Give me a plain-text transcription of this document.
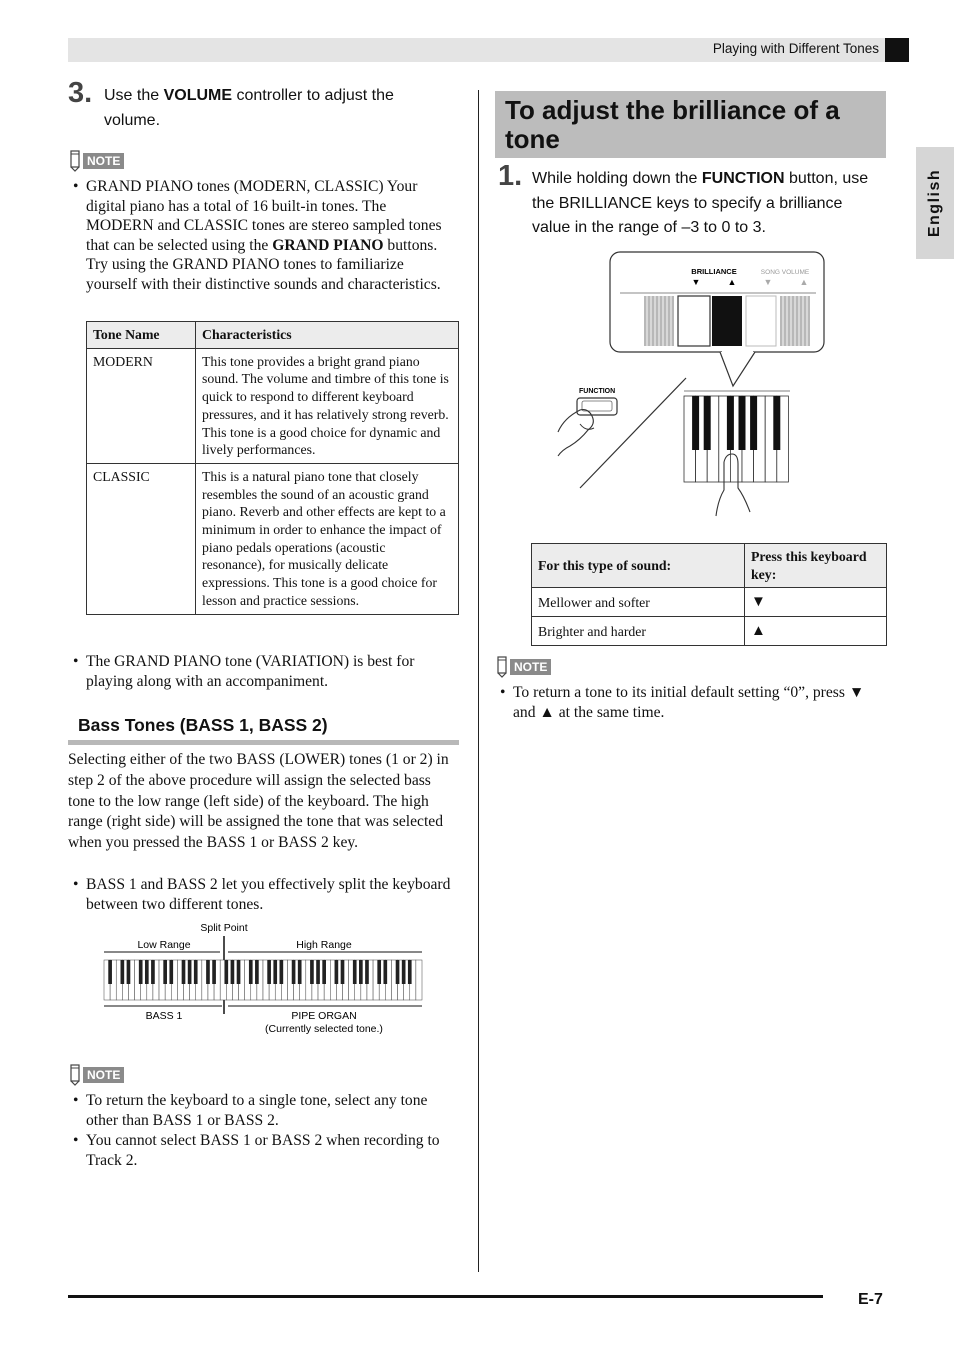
Playing with Different Tones
English
3. Use the VOLUME controller to adjust the volume.
NOTE
• GRAND PIANO tones (MODERN, CLASSIC) Your digital piano has a total of 16 built-in tones. The MODERN and CLASSIC tones are stereo sampled tones that can be selected using the GRAND PIANO buttons. Try using the GRAND PIANO tones to familiarize yourself with their distinctive sounds and characteristics.
Tone Name	Characteristics
MODERN	This tone provides a bright grand piano sound. The volume and timbre of this tone is quick to respond to different keyboard pressures, and it has relatively strong reverb. This tone is a good choice for dynamic and lively performances.
CLASSIC	This is a natural piano tone that closely resembles the sound of an acoustic grand piano. Reverb and other effects are kept to a minimum in order to enhance the impact of piano pedals operations (acoustic resonance), for musically delicate expressions. This tone is a good choice for lesson and practice sessions.
• The GRAND PIANO tone (VARIATION) is best for playing along with an accompaniment.
Bass Tones (BASS 1, BASS 2)
Selecting either of the two BASS (LOWER) tones (1 or 2) in step 2 of the above procedure will assign the selected bass tone to the low range (left side) of the keyboard. The high range (right side) will be assigned the tone that was selected when you pressed the BASS 1 or BASS 2 key.
• BASS 1 and BASS 2 let you effectively split the keyboard between two different tones.
Split Point
Low Range	High Range
BASS 1	PIPE ORGAN
(Currently selected tone.)
NOTE
• To return the keyboard to a single tone, select any tone other than BASS 1 or BASS 2.
• You cannot select BASS 1 or BASS 2 when recording to Track 2.
To adjust the brilliance of a tone
1. While holding down the FUNCTION button, use the BRILLIANCE keys to specify a brilliance value in the range of –3 to 0 to 3.
BRILLIANCE	SONG VOLUME
▼	▲	▼	▲
FUNCTION
For this type of sound:	Press this keyboard key:
Mellower and softer	▼
Brighter and harder	▲
NOTE
• To return a tone to its initial default setting “0”, press ▼ and ▲ at the same time.
E-7
